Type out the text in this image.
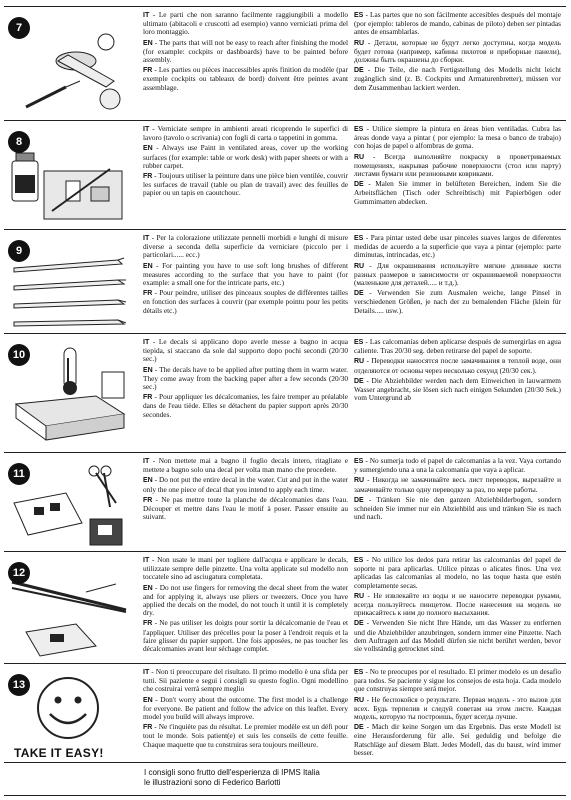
7

IT - Le parti che non saranno facilmente raggiungibili a modello ultimato (abitacoli e cruscotti ad esempio) vanno verniciati prima del loro montaggio.

EN - The parts that will not be easy to reach after finishing the model (for example: cockpits or dashboards) have to be painted before assembly.

FR - Les parties ou pièces inaccessibles après finition du modèle (par exemple cockpits ou tableaux de bord) doivent être peintes avant assemblage.

ES - Las partes que no son fácilmente accesibles después del montaje (por ejemplo: tableros de mando, cabinas de piloto) deben ser pintadas antes de ensamblarlas.

RU - Детали, которые не будут легко доступны, когда модель будет готова (например, кабины пилотов и приборные панели), должны быть окрашены до сборки.

DE - Die Teile, die nach Fertigstellung des Modells nicht leicht zugänglich sind (z. B. Cockpits und Armaturenbretter), müssen vor dem Zusammenbau lackiert werden.

8

IT - Verniciate sempre in ambienti areati ricoprendo le superfici di lavoro (tavolo o scrivania) con fogli di carta o tappetini in gomma.

EN - Always use Paint in ventilated areas, cover up the working surfaces (for example: table or work desk) with paper sheets or with a rubber carpet.

FR - Toujours utiliser la peinture dans une pièce bien ventilée, couvrir les surfaces de travail (table ou plan de travail) avec des feuilles de papier ou un tapis en caoutchouc.

ES - Utilice siempre la pintura en áreas bien ventiladas. Cubra las áreas donde vaya a pintar ( por ejemplo: la mesa o banco de trabajo) con hojas de papel o alfombras de goma.

RU - Всегда выполняйте покраску в проветриваемых помещениях, накрывая рабочие поверхности (стол или парту) листами бумаги или резиновыми ковриками.

DE - Malen Sie immer in belüfteten Bereichen, indem Sie die Arbeitsflächen (Tisch oder Schreibtisch) mit Papierbögen oder Gummimatten abdecken.

9

IT - Per la colorazione utilizzate pennelli morbidi e lunghi di misure diverse a seconda della superficie da verniciare (piccolo per i particolari...... ecc.)

EN - For painting you have to use soft long brushes of different measures according to the surface that you have to paint (for example: a small one for the intricate parts, etc.)

FR - Pour peindre, utiliser des pinceaux souples de différentes tailles en fonction des surfaces à couvrir (par exemple pointu pour les petits détails etc.)

ES - Para pintar usted debe usar pinceles suaves largos de diferentes medidas de acuerdo a la superficie que vaya a pintar (ejemplo: parte diminutas, intrincadas, etc.)

RU - Для окрашивания используйте мягкие длинные кисти разных размеров в зависимости от окрашиваемой поверхности (маленькие для деталей..... и т.д.).

DE - Verwenden Sie zum Ausmalen weiche, lange Pinsel in verschiedenen Größen, je nach der zu bemalenden Fläche (klein für Details..... usw.).

10

IT - Le decals si applicano dopo averle messe a bagno in acqua tiepida, si staccano da sole dal supporto dopo pochi secondi (20/30 sec.)

EN - The decals have to be applied after putting them in warm water. They come away from the backing paper after a few seconds (20/30 sec.)

FR - Pour appliquer les décalcomanies, les faire tremper au préalable dans de l'eau tiède. Elles se détachent du papier support après 20/30 secondes.

ES - Las calcomanías deben aplicarse después de sumergirlas en agua caliente. Tras 20/30 seg. deben retirarse del papel de soporte.

RU - Переводки наносятся после замачивания в теплой воде, они отделяются от основы через несколько секунд (20/30 сек.).

DE - Die Abziehbilder werden nach dem Einweichen in lauwarmem Wasser angebracht, sie lösen sich nach einigen Sekunden (20/30 Sek.) vom Untergrund ab

11

IT - Non mettete mai a bagno il foglio decals intero, ritagliate e mettete a bagno solo una decal per volta man mano che procedete.

EN - Do not put the entire decal in the water. Cut and put in the water only the one piece of decal that you intend to apply each time.

FR - Ne pas mettre toute la planche de décalcomanies dans l'eau. Découper et mettre dans l'eau le motif à poser. Passer ensuite au suivant.

ES - No sumerja todo el papel de calcomanías a la vez. Vaya cortando y sumergiendo una a una la calcomanía que vaya a aplicar.

RU - Никогда не замачивайте весь лист переводок, вырезайте и замачивайте только одну переводку за раз, по мере работы.

DE - Tränken Sie nie den ganzen Abziehbilderbogen, sondern schneiden Sie immer nur ein Abziehbild aus und tränken Sie es nach und nach.

12

IT - Non usate le mani per togliere dall'acqua e applicare le decals, utilizzate sempre delle pinzette. Una volta applicate sul modello non toccatele sino ad asciugatura completata.

EN - Do not use fingers for removing the decal sheet from the water and for applying it, always use pliers or tweezers. Once you have applied the decals on the model, do not touch it until it is completely dry.

FR - Ne pas utiliser les doigts pour sortir la décalcomanie de l'eau et l'appliquer. Utiliser des précelles pour la poser à l'endroit requis et la faire glisser du papier support. Une fois apposées, ne pas toucher les décalcomanies avant leur séchage complet.

ES - No utilice los dedos para retirar las calcomanías del papel de soporte ni para aplicarlas. Utilice pinzas o alicates finos. Una vez aplicadas las calcomanías al modelo, no las toque hasta que estén completamente secas.

RU - Не извлекайте из воды и не наносите переводки руками, всегда пользуйтесь пинцетом. После нанесения на модель не прикасайтесь к ним до полного высыхания.

DE - Verwenden Sie nicht Ihre Hände, um das Wasser zu entfernen und die Abziehbilder anzubringen, sondern immer eine Pinzette. Nach dem Auftragen auf das Modell dürfen sie nicht berührt werden, bevor sie vollständig getrocknet sind.

13
TAKE IT EASY!

IT - Non ti preoccupare del risultato. Il primo modello è una sfida per tutti. Sii paziente e segui i consigli su questo foglio. Ogni modellino che costruirai verrà sempre meglio

EN - Don't worry about the outcome. The first model is a challenge for everyone. Be patient and follow the advice on this leaflet. Every model you build will always improve.

FR - Ne t'inquiète pas du résultat. Le premier modèle est un défi pour tout le monde. Sois patient(e) et suis les conseils de cette feuille. Chaque maquette que tu construiras sera toujours meilleure.

ES - No te preocupes por el resultado. El primer modelo es un desafío para todos. Se paciente y sigue los consejos de esta hoja. Cada modelo que construyas siempre será mejor.

RU - Не беспокойся о результате. Первая модель - это вызов для всех. Будь терпелив и следуй советам на этом листе. Каждая модель, которую ты построишь, будет всегда лучше.

DE - Mach dir keine Sorgen um das Ergebnis. Das erste Modell ist eine Herausforderung für alle. Sei geduldig und befolge die Ratschläge auf diesem Blatt. Jedes Modell, das du baust, wird immer besser.

I consigli sono frutto dell'esperienza di IPMS Italia
le illustrazioni sono di Federico Barlotti
